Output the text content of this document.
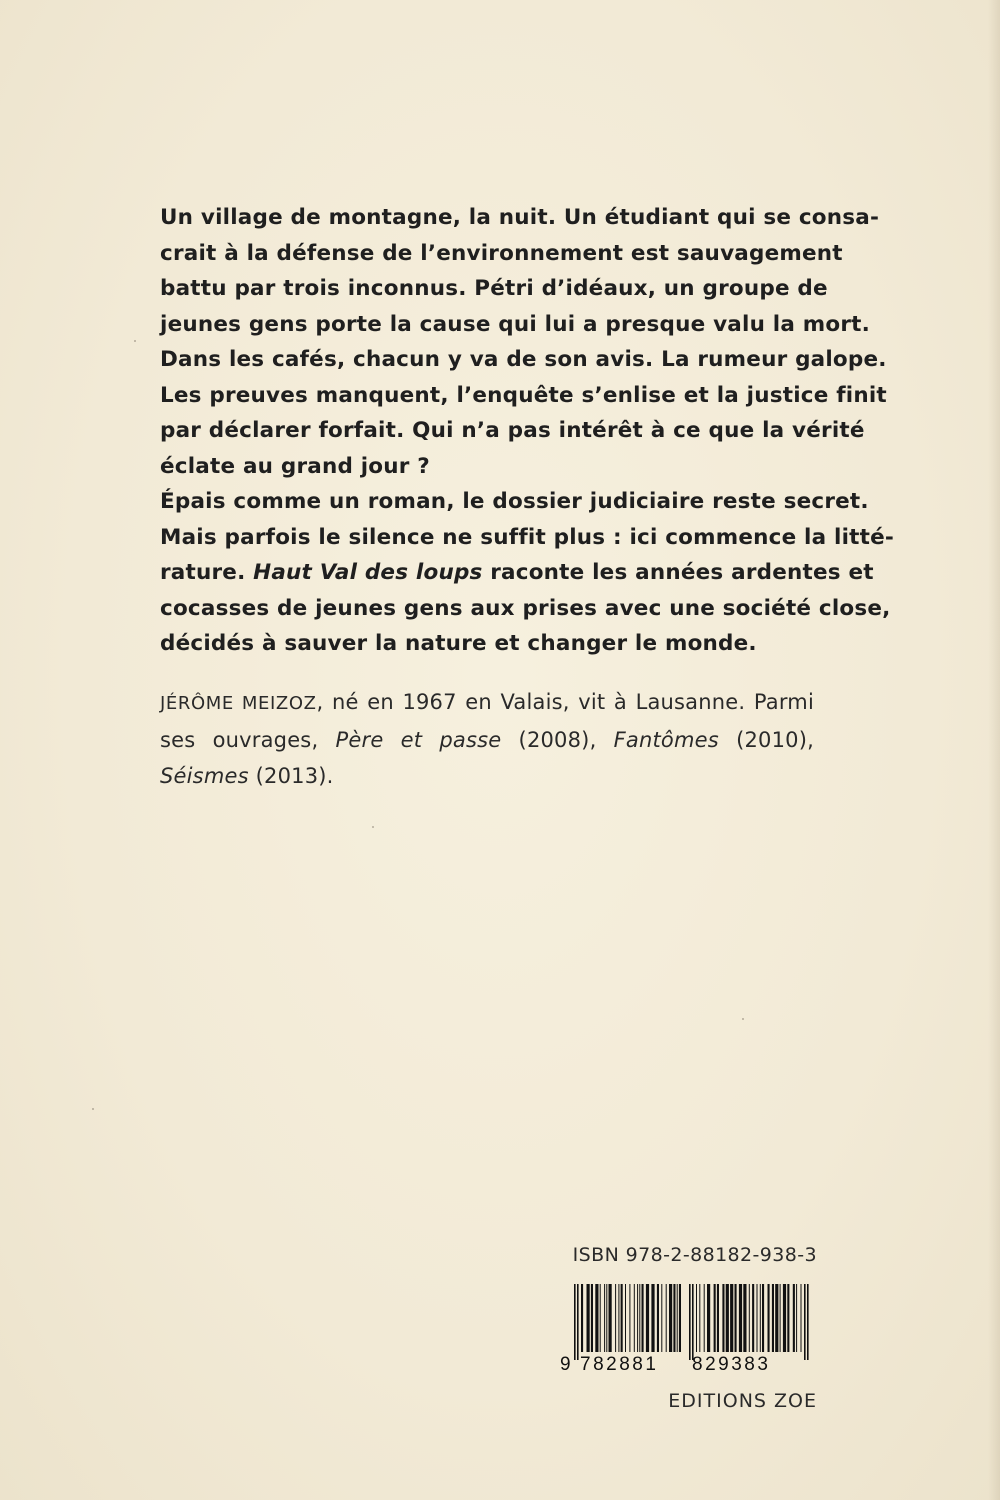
Un village de montagne, la nuit. Un étudiant qui se consa-
crait à la défense de l’environnement est sauvagement
battu par trois inconnus. Pétri d’idéaux, un groupe de
jeunes gens porte la cause qui lui a presque valu la mort.
Dans les cafés, chacun y va de son avis. La rumeur galope.
Les preuves manquent, l’enquête s’enlise et la justice finit
par déclarer forfait. Qui n’a pas intérêt à ce que la vérité
éclate au grand jour ?
Épais comme un roman, le dossier judiciaire reste secret.
Mais parfois le silence ne suffit plus : ici commence la litté-
rature. Haut Val des loups raconte les années ardentes et
cocasses de jeunes gens aux prises avec une société close,
décidés à sauver la nature et changer le monde.
JÉRÔME MEIZOZ, né en 1967 en Valais, vit à Lausanne. Parmi
ses ouvrages, Père et passe (2008), Fantômes (2010),
Séismes (2013).
ISBN 978-2-88182-938-3
9 782881 829383
EDITIONS ZOE
